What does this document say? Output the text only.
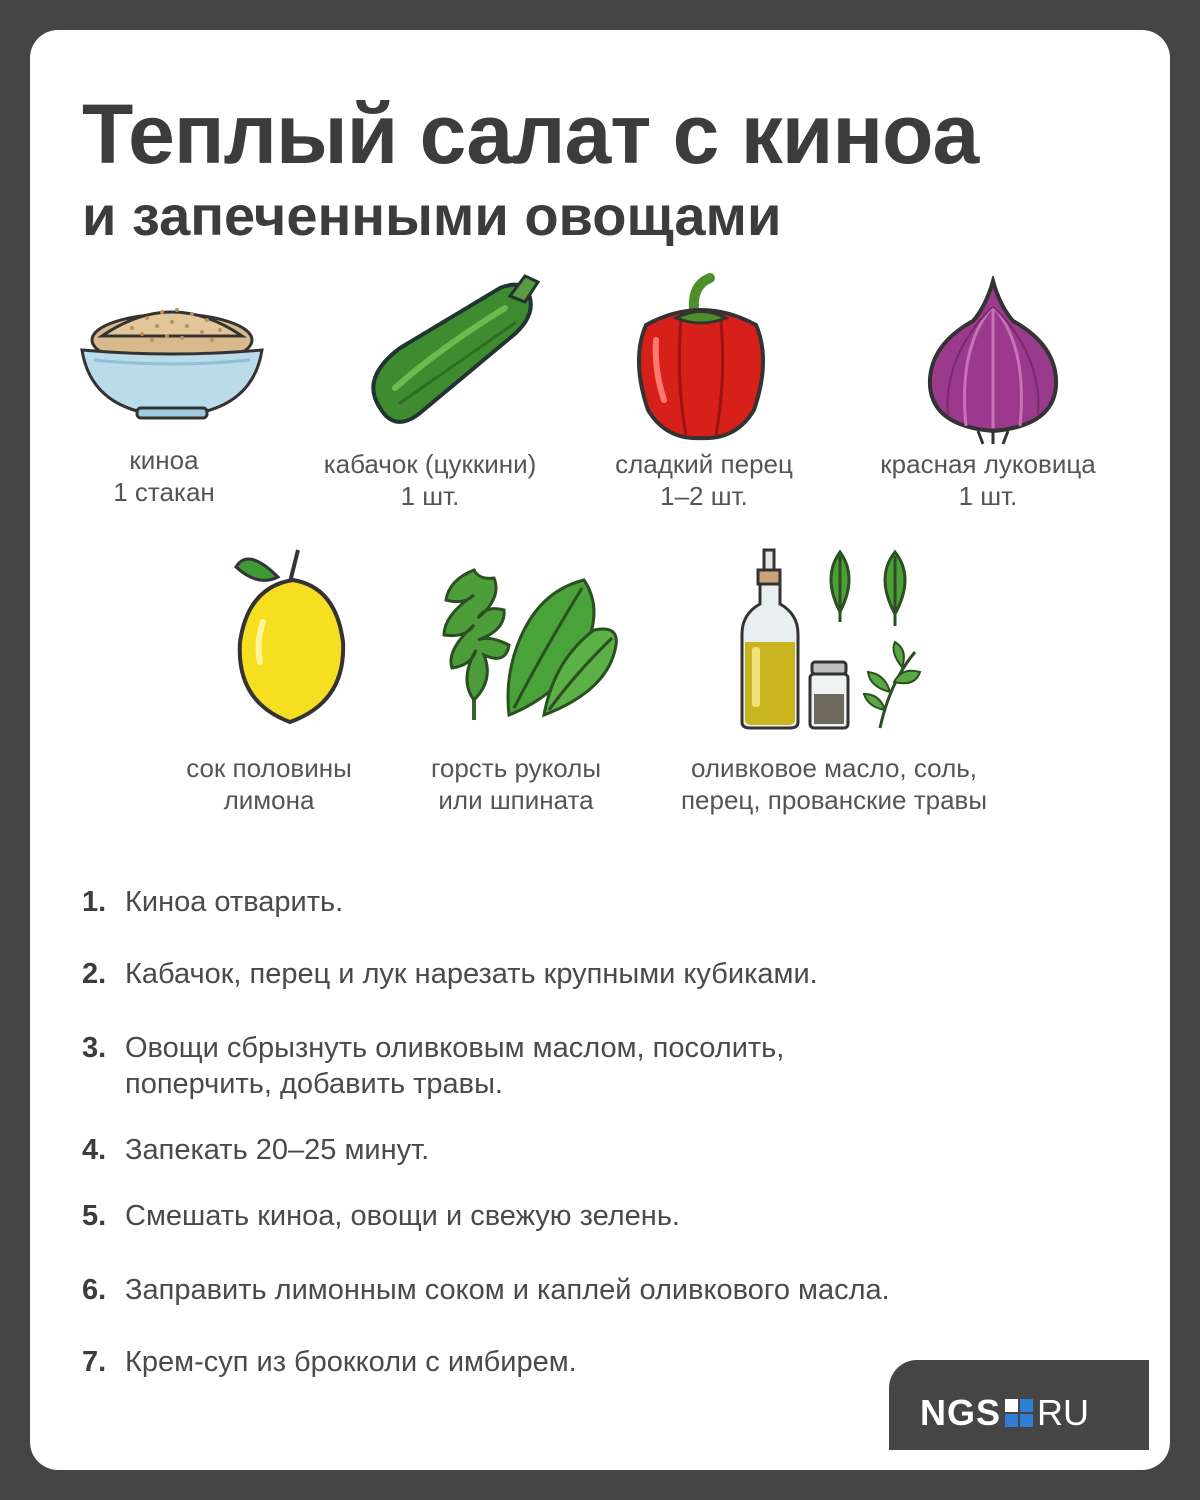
Теплый салат с киноа
и запеченными овощами
киноа
1 стакан
кабачок (цуккини)
1 шт.
сладкий перец
1–2 шт.
красная луковица
1 шт.
сок половины
лимона
горсть руколы
или шпината
оливковое масло, соль,
перец, прованские травы
1. Киноа отварить.
2. Кабачок, перец и лук нарезать крупными кубиками.
3. Овощи сбрызнуть оливковым маслом, посолить,
поперчить, добавить травы.
4. Запекать 20–25 минут.
5. Смешать киноа, овощи и свежую зелень.
6. Заправить лимонным соком и каплей оливкового масла.
7. Крем-суп из брокколи с имбирем.
NGS RU
